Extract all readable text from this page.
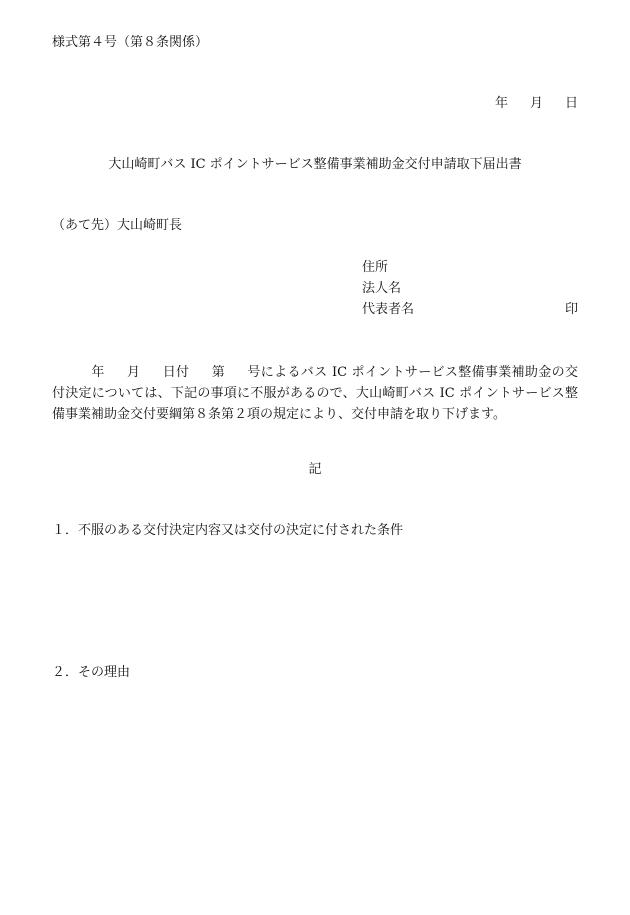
様式第４号（第８条関係）
年 月 日
大山崎町バス IC ポイントサービス整備事業補助金交付申請取下届出書
（あて先）大山崎町長
住所
法人名
代表者名	印
年 月 日付 第 号によるバス IC ポイントサービス整備事業補助金の交付決定については、下記の事項に不服があるので、大山崎町バス IC ポイントサービス整備事業補助金交付要綱第８条第２項の規定により、交付申請を取り下げます。
記
１．不服のある交付決定内容又は交付の決定に付された条件
２．その理由
